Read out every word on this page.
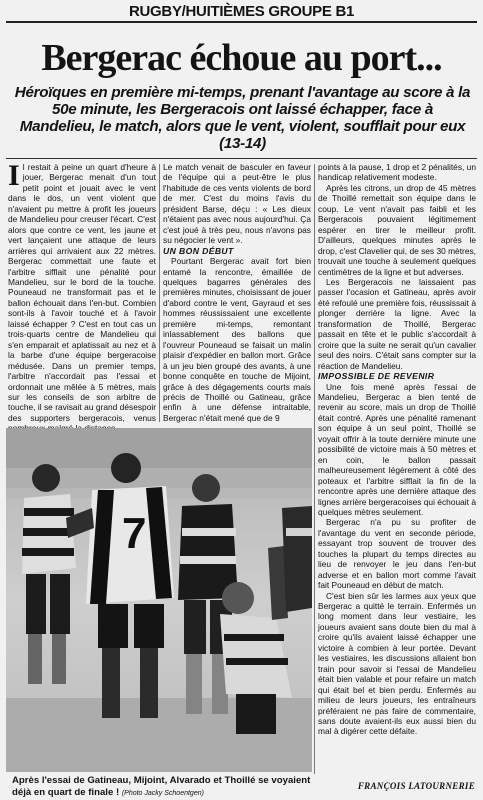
RUGBY/HUITIÈMES GROUPE B1
Bergerac échoue au port...
Héroïques en première mi-temps, prenant l'avantage au score à la 50e minute, les Bergeracois ont laissé échapper, face à Mandelieu, le match, alors que le vent, violent, soufflait pour eux (13-14)

Il restait à peine un quart d'heure à jouer, Bergerac menait d'un tout petit point et jouait avec le vent dans le dos, un vent violent que n'avaient pu mettre à profit les joueurs de Mandelieu pour creuser l'écart. C'est alors que contre ce vent, les jaune et vert lançaient une attaque de leurs arrières qui arrivaient aux 22 mètres. Bergerac commettait une faute et l'arbitre sifflait une pénalité pour Mandelieu, sur le bord de la touche. Pouneaud ne transformait pas et le ballon échouait dans l'en-but. Combien sont-ils à l'avoir touché et à l'avoir laissé échapper ? C'est en tout cas un trois-quarts centre de Mandelieu qui s'en emparait et aplatissait au nez et à la barbe d'une équipe bergeracoise médusée. Dans un premier temps, l'arbitre n'accordait pas l'essai et ordonnait une mêlée à 5 mètres, mais sur les conseils de son arbitre de touche, il se ravisait au grand désespoir des supporters bergeracois, venus

Le match venait de basculer en faveur de l'équipe qui a peut-être le plus l'habitude de ces vents violents de bord de mer. C'est du moins l'avis du président Barse, déçu : « Les dieux n'étaient pas avec nous aujourd'hui. Ça c'est joué à très peu, nous n'avons pas su négocier le vent ».

UN BON DÉBUT

Pourtant Bergerac avait fort bien entamé la rencontre, émaillée de quelques bagarres générales des premières minutes, choisissant de jouer d'abord contre le vent, Gayraud et ses hommes réussissaient une excellente première mi-temps, remontant inlassablement des ballons que l'ouvreur Pouneaud se faisait un malin plaisir d'expédier en ballon mort. Grâce à un jeu bien groupé des avants, à une bonne conquête en touche de Mijoint, grâce à des dégagements courts mais précis de Thoillé ou Gatineau, grâce enfin à une défense intraitable, Bergerac n'était mené que de 9

points à la pause, 1 drop et 2 pénalités, un handicap relativement modeste.

Après les citrons, un drop de 45 mètres de Thoillé remettait son équipe dans le coup. Le vent n'avait pas faibli et les Bergeracois pouvaient légitimement espérer en tirer le meilleur profit. D'ailleurs, quelques minutes après le drop, c'est Clavelier qui, de ses 30 mètres, trouvait une touche à seulement quelques centimètres de la ligne et but adverses.

Les Bergeracois ne laissaient pas passer l'ocasion et Gatineau, après avoir été refoulé une première fois, réussissait à plonger derrière la ligne. Avec la transformation de Thoillé, Bergerac passait en tête et le public s'accordait à croire que la suite ne serait qu'un cavalier seul des noirs. C'était sans compter sur la réaction de Mandelieu.

IMPOSSIBLE DE REVENIR

Une fois mené après l'essai de Mandelieu, Bergerac a bien tenté de revenir au score, mais un drop de Thoillé était contré. Après une pénalité ramenant son équipe à un seul point, Thoillé se voyait offrir à la toute dernière minute une possibilité de victoire mais à 50 mètres et en coin, le ballon passait malheureusement légèrement à côté des poteaux et l'arbitre sifflait la fin de la rencontre après une dernière attaque des lignes arrière bergeracoises qui échouait à quelques mètres seulement.

Bergerac n'a pu su profiter de l'avantage du vent en seconde période, essayant trop souvent de trouver des touches la plupart du temps directes au lieu de renvoyer le jeu dans l'en-but adverse et en ballon mort comme l'avait fait Pouneaud en début de match.

C'est bien sûr les larmes aux yeux que Bergerac a quitté le terrain. Enfermés un long moment dans leur vestiaire, les joueurs avaient sans doute bien du mal à croire qu'ils avaient laissé échapper une victoire à combien à leur portée. Devant les vestiaires, les discussions allaient bon train pour savoir si l'essai de Mandelieu était bien valable et pour refaire un match qui était bel et bien perdu. Enfermés au milieu de leurs joueurs, les entraîneurs préféraient ne pas faire de commentaire, sans doute avaient-ils eux aussi bien du mal à digérer cette défaite.

7
Après l'essai de Gatineau, Mijoint, Alvarado et Thoillé se voyaient déjà en quart de finale ! (Photo Jacky Schoentgen)
FRANÇOIS LATOURNERIE
